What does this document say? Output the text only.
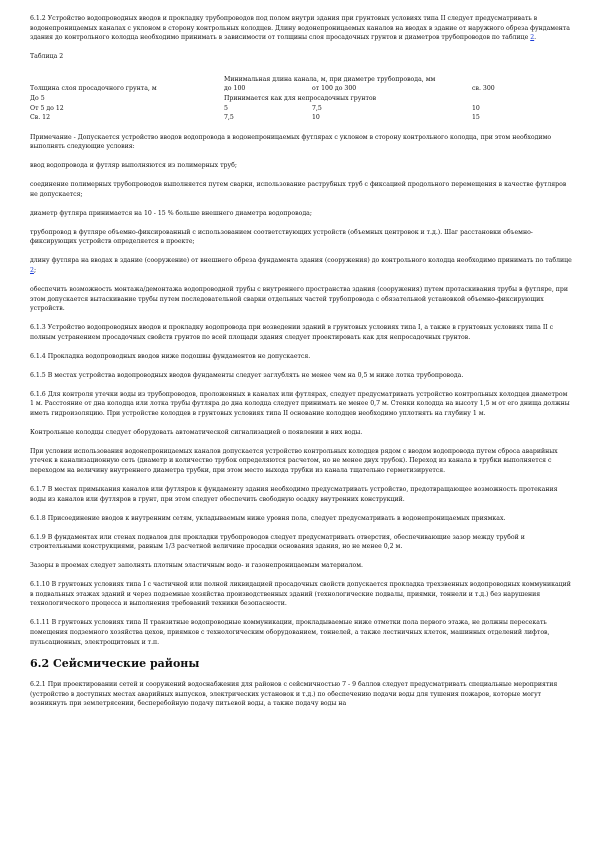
6.1.2 Устройство водопроводных вводов и прокладку трубопроводов под полом внутри здания при грунтовых условиях типа II следует предусматривать в водонепроницаемых каналах с уклоном в сторону контрольных колодцев. Длину водонепроницаемых каналов на вводах в здание от наружного обреза фундамента здания до контрольного колодца необходимо принимать в зависимости от толщины слоя просадочных грунтов и диаметров трубопроводов по таблице 2.

Таблица 2

Толщина слоя просадочного грунта, м	Минимальная длина канала, м, при диаметре трубопровода, мм		
	до 100	от 100 до 300	св. 300
До 5	Принимается как для непросадочных грунтов		
От 5 до 12	5	7,5	10
Св. 12	7,5	10	15

Примечание - Допускается устройство вводов водопровода в водонепроницаемых футлярах с уклоном в сторону контрольного колодца, при этом необходимо выполнять следующие условия:

ввод водопровода и футляр выполняются из полимерных труб;

соединение полимерных трубопроводов выполняется путем сварки, использование раструбных труб с фиксацией продольного перемещения в качестве футляров не допускается;

диаметр футляра принимается на 10 - 15 % больше внешнего диаметра водопровода;

трубопровод в футляре объемно-фиксированный с использованием соответствующих устройств (объемных центровок и т.д.). Шаг расстановки объемно-фиксирующих устройств определяется в проекте;

длину футляра на вводах в здание (сооружение) от внешнего обреза фундамента здания (сооружения) до контрольного колодца необходимо принимать по таблице 2;

обеспечить возможность монтажа/демонтажа водопроводной трубы с внутреннего пространства здания (сооружения) путем протаскивания трубы в футляре, при этом допускается вытаскивание трубы путем последовательной сварки отдельных частей трубопровода с обязательной установкой объемно-фиксирующих устройств.

6.1.3 Устройство водопроводных вводов и прокладку водопровода при возведении зданий в грунтовых условиях типа I, а также в грунтовых условиях типа II с полным устранением просадочных свойств грунтов по всей площади здания следует проектировать как для непросадочных грунтов.

6.1.4 Прокладка водопроводных вводов ниже подошвы фундаментов не допускается.

6.1.5 В местах устройства водопроводных вводов фундаменты следует заглублять не менее чем на 0,5 м ниже лотка трубопровода.

6.1.6 Для контроля утечки воды из трубопроводов, проложенных в каналах или футлярах, следует предусматривать устройство контрольных колодцев диаметром 1 м. Расстояние от дна колодца или лотка трубы футляра до дна колодца следует принимать не менее 0,7 м. Стенки колодца на высоту 1,5 м от его днища должны иметь гидроизоляцию. При устройстве колодцев в грунтовых условиях типа II основание колодцев необходимо уплотнять на глубину 1 м.

Контрольные колодцы следует оборудовать автоматической сигнализацией о появлении в них воды.

При условии использования водонепроницаемых каналов допускается устройство контрольных колодцев рядом с вводом водопровода путем сброса аварийных утечек в канализационную сеть (диаметр и количество трубок определяются расчетом, но не менее двух трубок). Переход из канала в трубки выполняется с переходом на величину внутреннего диаметра трубки, при этом место выхода трубки из канала тщательно герметизируется.

6.1.7 В местах примыкания каналов или футляров к фундаменту здания необходимо предусматривать устройство, предотвращающее возможность протекания воды из каналов или футляров в грунт, при этом следует обеспечить свободную осадку внутренних конструкций.

6.1.8 Присоединение вводов к внутренним сетям, укладываемым ниже уровня пола, следует предусматривать в водонепроницаемых приямках.

6.1.9 В фундаментах или стенах подвалов для прокладки трубопроводов следует предусматривать отверстия, обеспечивающие зазор между трубой и строительными конструкциями, равным 1/3 расчетной величине просадки основания здания, но не менее 0,2 м.

Зазоры в проемах следует заполнять плотным эластичным водо- и газонепроницаемым материалом.

6.1.10 В грунтовых условиях типа I с частичной или полной ликвидацией просадочных свойств допускается прокладка трехзвенных водопроводных коммуникаций в подвальных этажах зданий и через подземные хозяйства производственных зданий (технологические подвалы, приямки, тоннели и т.д.) без нарушения технологического процесса и выполнения требований техники безопасности.

6.1.11 В грунтовых условиях типа II транзитные водопроводные коммуникации, прокладываемые ниже отметки пола первого этажа, не должны пересекать помещения подземного хозяйства цехов, приямков с технологическим оборудованием, тоннелей, а также лестничных клеток, машинных отделений лифтов, пульсационных, электрощитовых и т.п.

6.2 Сейсмические районы

6.2.1 При проектировании сетей и сооружений водоснабжения для районов с сейсмичностью 7 - 9 баллов следует предусматривать специальные мероприятия (устройство в доступных местах аварийных выпусков, электрических установок и т.д.) по обеспечению подачи воды для тушения пожаров, которые могут возникнуть при землетрясении, бесперебойную подачу питьевой воды, а также подачу воды на
